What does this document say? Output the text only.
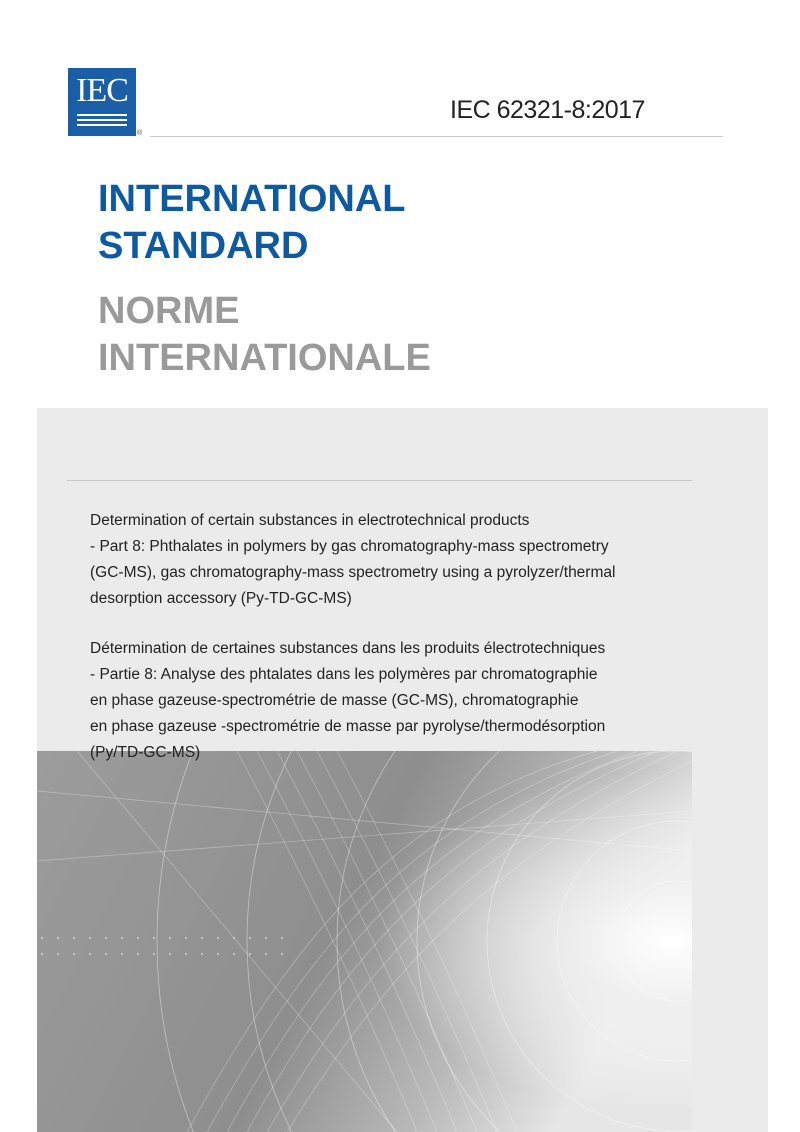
IEC
®
IEC 62321-8:2017
INTERNATIONAL
STANDARD
NORME
INTERNATIONALE
Determination of certain substances in electrotechnical products
- Part 8: Phthalates in polymers by gas chromatography-mass spectrometry
(GC-MS), gas chromatography-mass spectrometry using a pyrolyzer/thermal
desorption accessory (Py-TD-GC-MS)
Détermination de certaines substances dans les produits électrotechniques
- Partie 8: Analyse des phtalates dans les polymères par chromatographie
en phase gazeuse-spectrométrie de masse (GC-MS), chromatographie
en phase gazeuse -spectrométrie de masse par pyrolyse/thermodésorption
(Py/TD-GC-MS)
